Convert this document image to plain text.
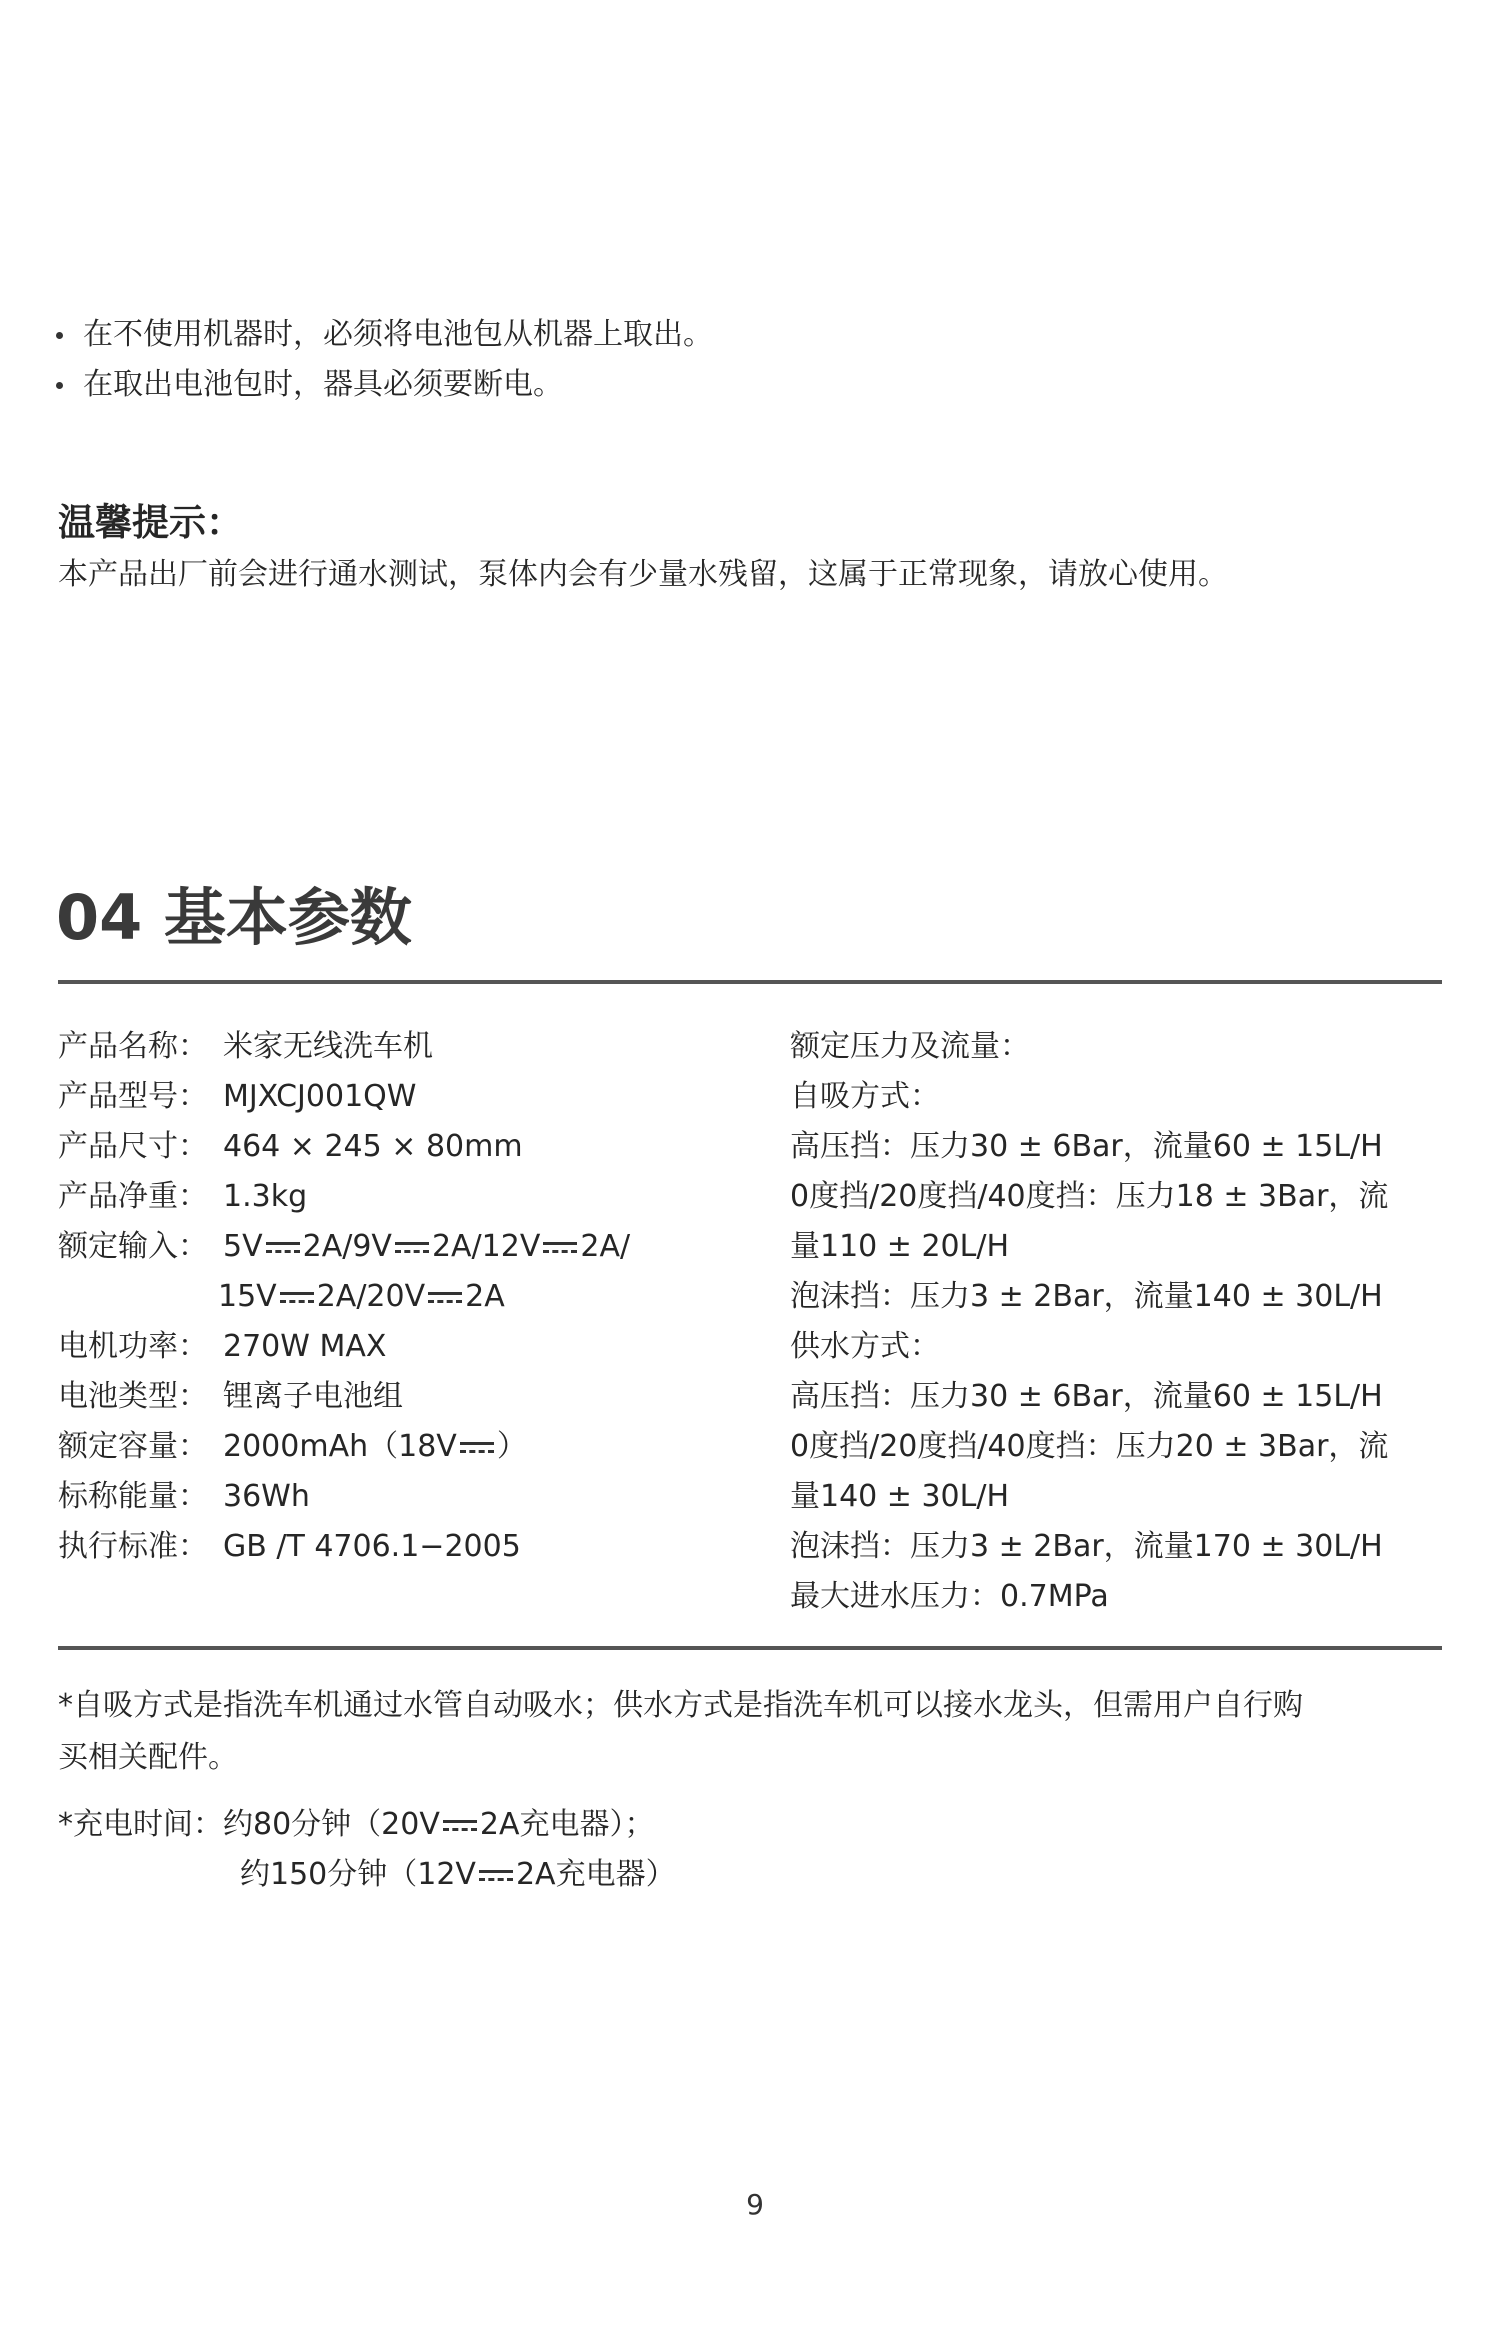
在不使用机器时，必须将电池包从机器上取出。
在取出电池包时，器具必须要断电。
温馨提示：
本产品出厂前会进行通水测试，泵体内会有少量水残留，这属于正常现象，请放心使用。
04 基本参数
产品名称： 米家无线洗车机
产品型号： MJXCJ001QW
产品尺寸： 464 × 245 × 80mm
产品净重： 1.3kg
额定输入： 5V 2A/9V 2A/12V 2A/
15V 2A/20V 2A
电机功率： 270W MAX
电池类型： 锂离子电池组
额定容量： 2000mAh（18V ）
标称能量： 36Wh
执行标准： GB /T 4706.1−2005
额定压力及流量：
自吸方式：
高压挡：压力30 ± 6Bar，流量60 ± 15L/H
0度挡/20度挡/40度挡：压力18 ± 3Bar，流
量110 ± 20L/H
泡沫挡：压力3 ± 2Bar，流量140 ± 30L/H
供水方式：
高压挡：压力30 ± 6Bar，流量60 ± 15L/H
0度挡/20度挡/40度挡：压力20 ± 3Bar，流
量140 ± 30L/H
泡沫挡：压力3 ± 2Bar，流量170 ± 30L/H
最大进水压力：0.7MPa
*自吸方式是指洗车机通过水管自动吸水；供水方式是指洗车机可以接水龙头，但需用户自行购
买相关配件。
*充电时间： 约80分钟（20V 2A充电器）；
约150分钟（12V 2A充电器）
9
